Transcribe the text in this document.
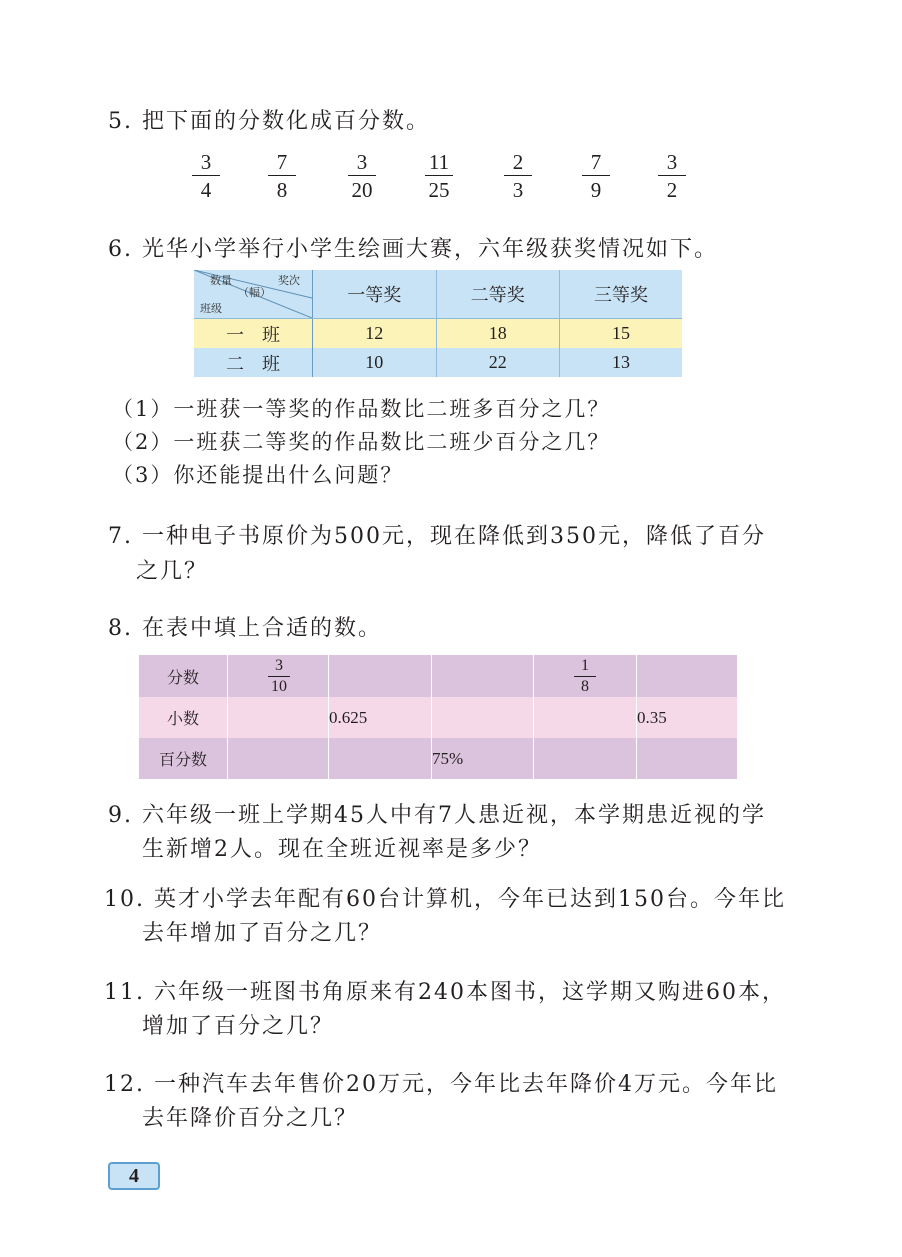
5. 把下面的分数化成百分数。
3
4
7
8
3
20
11
25
2
3
7
9
3
2
6. 光华小学举行小学生绘画大赛，六年级获奖情况如下。
数量 奖次
（幅）
班级	一等奖	二等奖	三等奖
一　班	12	18	15
二　班	10	22	13
（1）一班获一等奖的作品数比二班多百分之几？
（2）一班获二等奖的作品数比二班少百分之几？
（3）你还能提出什么问题？
7. 一种电子书原价为500元，现在降低到350元，降低了百分
之几？
8. 在表中填上合适的数。
分数	$\frac{3}{10}$			$\frac{1}{8}$	
小数		0.625			0.35
百分数			75%		
9. 六年级一班上学期45人中有7人患近视，本学期患近视的学
生新增2人。现在全班近视率是多少？
10. 英才小学去年配有60台计算机，今年已达到150台。今年比
去年增加了百分之几？
11. 六年级一班图书角原来有240本图书，这学期又购进60本，
增加了百分之几？
12. 一种汽车去年售价20万元，今年比去年降价4万元。今年比
去年降价百分之几？
4
